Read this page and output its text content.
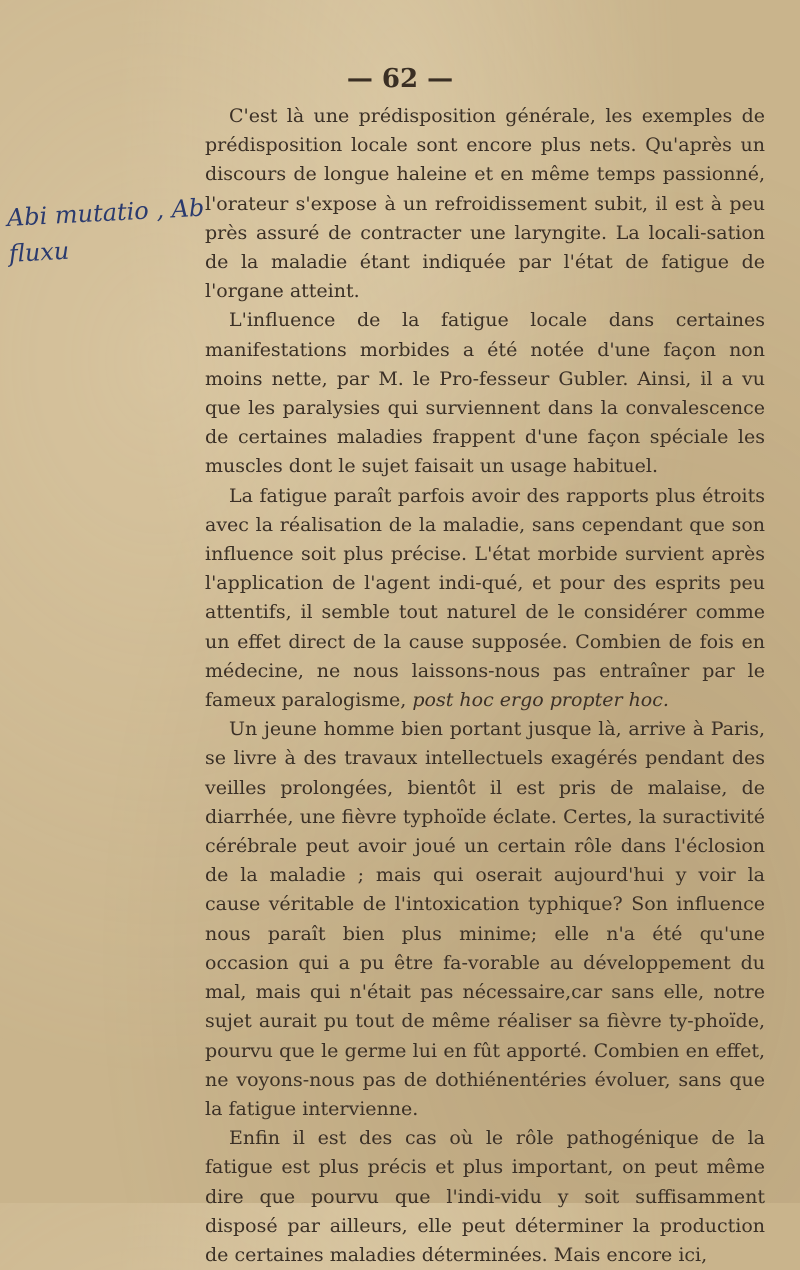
— 62 —
Abi mutatio , Ab
fluxu

C'est là une prédisposition générale, les exemples de prédisposition locale sont encore plus nets. Qu'après un discours de longue haleine et en même temps passionné, l'orateur s'expose à un refroidissement subit, il est à peu près assuré de contracter une laryngite. La locali-sation de la maladie étant indiquée par l'état de fatigue de l'organe atteint.

L'influence de la fatigue locale dans certaines manifestations morbides a été notée d'une façon non moins nette, par M. le Pro-fesseur Gubler. Ainsi, il a vu que les paralysies qui surviennent dans la convalescence de certaines maladies frappent d'une façon spéciale les muscles dont le sujet faisait un usage habituel.

La fatigue paraît parfois avoir des rapports plus étroits avec la réalisation de la maladie, sans cependant que son influence soit plus précise. L'état morbide survient après l'application de l'agent indi-qué, et pour des esprits peu attentifs, il semble tout naturel de le considérer comme un effet direct de la cause supposée. Combien de fois en médecine, ne nous laissons-nous pas entraîner par le fameux paralogisme, post hoc ergo propter hoc.

Un jeune homme bien portant jusque là, arrive à Paris, se livre à des travaux intellectuels exagérés pendant des veilles prolongées, bientôt il est pris de malaise, de diarrhée, une fièvre typhoïde éclate. Certes, la suractivité cérébrale peut avoir joué un certain rôle dans l'éclosion de la maladie ; mais qui oserait aujourd'hui y voir la cause véritable de l'intoxication typhique? Son influence nous paraît bien plus minime; elle n'a été qu'une occasion qui a pu être fa-vorable au développement du mal, mais qui n'était pas nécessaire,car sans elle, notre sujet aurait pu tout de même réaliser sa fièvre ty-phoïde, pourvu que le germe lui en fût apporté. Combien en effet, ne voyons-nous pas de dothiénentéries évoluer, sans que la fatigue intervienne.

Enfin il est des cas où le rôle pathogénique de la fatigue est plus précis et plus important, on peut même dire que pourvu que l'indi-vidu y soit suffisamment disposé par ailleurs, elle peut déterminer la production de certaines maladies déterminées. Mais encore ici,
